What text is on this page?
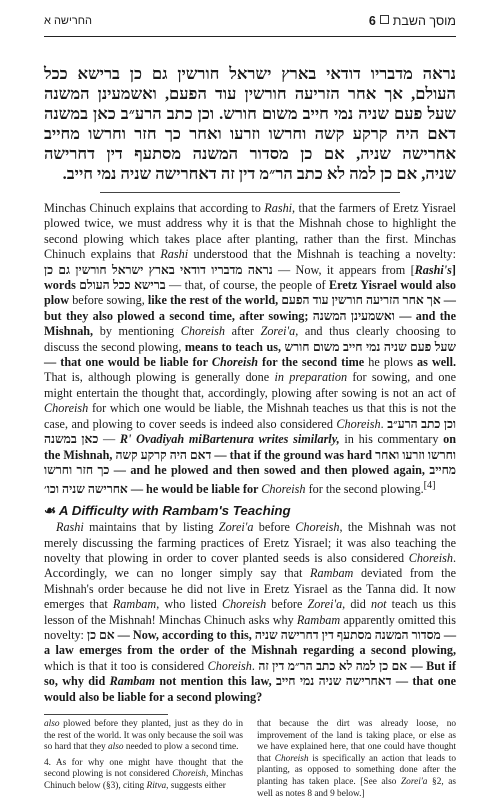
החרישה א	מוסך השבת6
נראה מדבריו דודאי בארץ ישראל חורשין גם כן ברישא ככל
העולם, אך אחר הזריעה חורשין עוד הפעם, ואשמעינן המשנה
שעל פעם שניה נמי חייב משום חורש. וכן כתב הרע״ב כאן במשנה
דאם היה קרקע קשה וחרשו וזרעו ואחר כך חזר וחרשו מחייב
אחרישה שניה, אם כן מסדור המשנה מסתעף דין דחרישה
שניה, אם כן למה לא כתב הר״מ דין זה דאחרישה שניה נמי חייב.

Minchas Chinuch explains that according to Rashi, that the farmers of Eretz Yisrael plowed twice, we must address why it is that the Mishnah chose to highlight the second plowing which takes place after planting, rather than the first. Minchas Chinuch explains that Rashi understood that the Mishnah is teaching a novelty: נראה מדבריו דודאי בארץ ישראל חורשין גם כן — Now, it appears from [Rashi's] words ברישא ככל העולם — that, of course, the people of Eretz Yisrael would also plow before sowing, like the rest of the world, אך אחר הזריעה חורשין עוד הפעם — but they also plowed a second time, after sowing; ואשמעינן המשנה — and the Mishnah, by mentioning Choreish after Zorei'a, and thus clearly choosing to discuss the second plowing, means to teach us, שעל פעם שניה נמי חייב משום חורש — that one would be liable for Choreish for the second time he plows as well. That is, although plowing is generally done in preparation for sowing, and one might entertain the thought that, accordingly, plowing after sowing is not an act of Choreish for which one would be liable, the Mishnah teaches us that this is not the case, and plowing to cover seeds is indeed also considered Choreish. וכן כתב הרע״ב כאן במשנה — R' Ovadiyah miBartenura writes similarly, in his commentary on the Mishnah, דאם היה קרקע קשה — that if the ground was hard וחרשו וזרעו ואחר כך חזר וחרשו — and he plowed and then sowed and then plowed again, מחייב אחרישה שניה וכו׳ — he would be liable for Choreish for the second plowing.[4]

☙ A Difficulty with Rambam's Teaching

Rashi maintains that by listing Zorei'a before Choreish, the Mishnah was not merely discussing the farming practices of Eretz Yisrael; it was also teaching the novelty that plowing in order to cover planted seeds is also considered Choreish. Accordingly, we can no longer simply say that Rambam deviated from the Mishnah's order because he did not live in Eretz Yisrael as the Tanna did. It now emerges that Rambam, who listed Choreish before Zorei'a, did not teach us this lesson of the Mishnah! Minchas Chinuch asks why Rambam apparently omitted this novelty: אם כן — Now, according to this, מסדור המשנה מסתעף דין דחרישה שניה — a law emerges from the order of the Mishnah regarding a second plowing, which is that it too is considered Choreish. אם כן למה לא כתב הר״מ דין זה — But if so, why did Rambam not mention this law, דאחרישה שניה נמי חייב — that one would also be liable for a second plowing?

also plowed before they planted, just as they do in the rest of the world. It was only because the soil was so hard that they also needed to plow a second time.

4. As for why one might have thought that the second plowing is not considered Choreish, Minchas Chinuch below (§3), citing Ritva, suggests either

that because the dirt was already loose, no improvement of the land is taking place, or else as we have explained here, that one could have thought that Choreish is specifically an action that leads to planting, as opposed to something done after the planting has taken place. [See also Zorei'a §2, as well as notes 8 and 9 below.]
